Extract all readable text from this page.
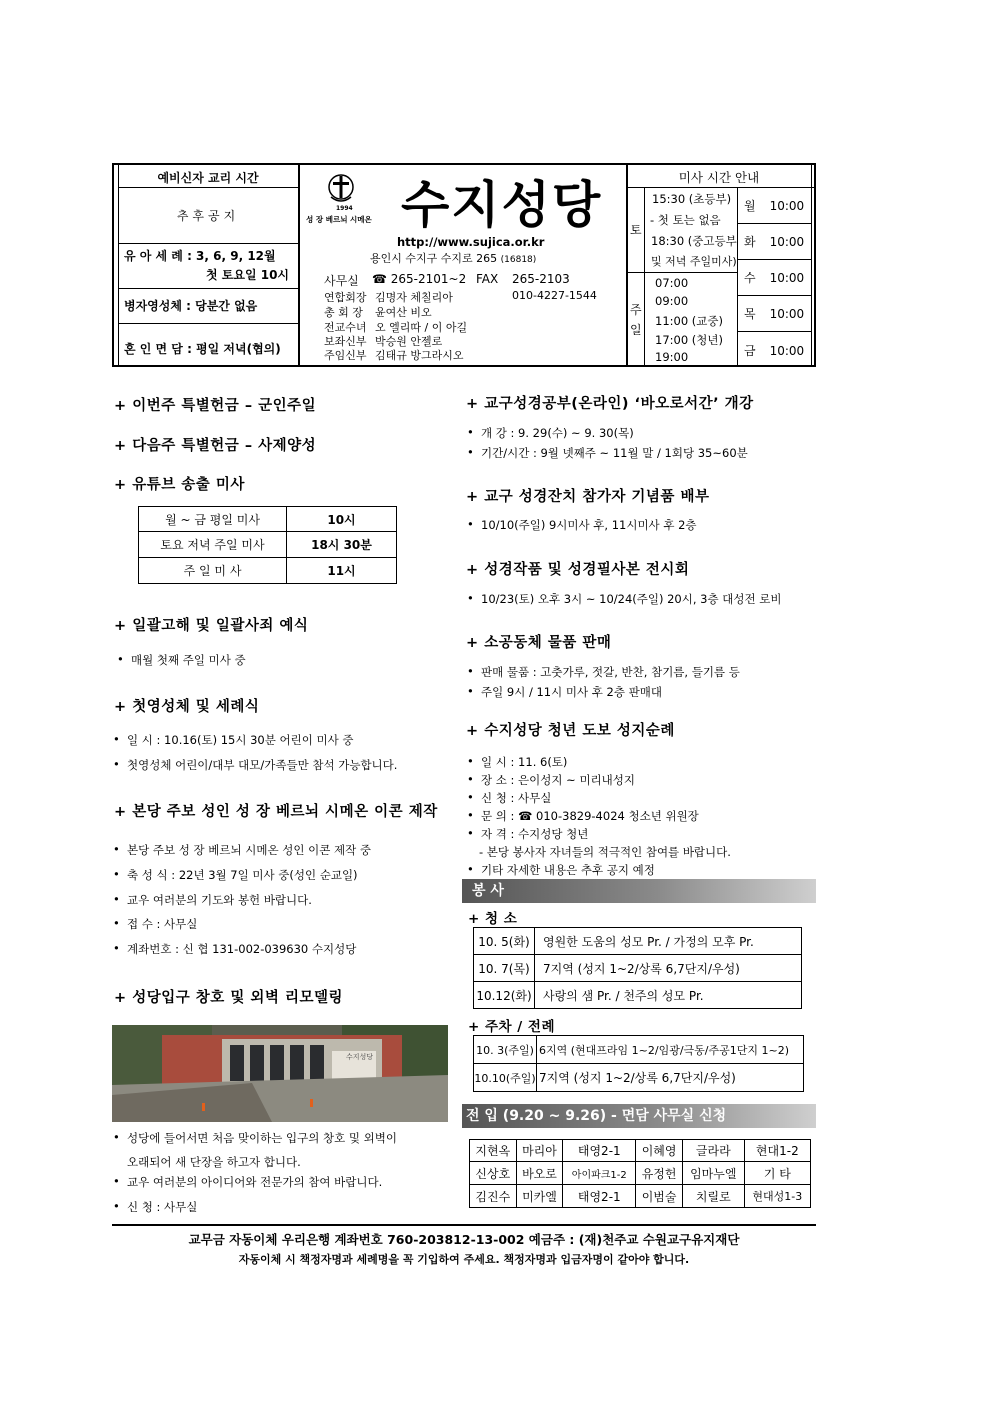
예비신자 교리 시간
추후공지
유 아 세 례 : 3, 6, 9, 12월
첫 토요일 10시
병자영성체 : 당분간 없음
혼 인 면 담 : 평일 저녁(협의)
1994
성 장 베르뇌 시메온 수지성당
http://www.sujica.or.kr
용인시 수지구 수지로 265 (16818)
사무실 ☎ 265-2101~2 FAX 265-2103
연합회장 김명자 체칠리아	010-4227-1544
총 회 장 윤여산 비오
전교수녀 오 엘리따 / 이 아길
보좌신부 박승원 안젤로
주임신부 김태규 방그라시오
미사 시간 안내
토
15:30 (초등부)
- 첫 토는 없음
18:30 (중고등부
및 저녁 주일미사)
주 일
07:00
09:00
11:00 (교중)
17:00 (청년)
19:00
월 10:00
화 10:00
수 10:00
목 10:00
금 10:00
+ 이번주 특별헌금 – 군인주일
+ 다음주 특별헌금 – 사제양성
+ 유튜브 송출 미사
월 ~ 금 평일 미사	10시
토요 저녁 주일 미사	18시 30분
주 일 미 사	11시
+ 일괄고해 및 일괄사죄 예식
• 매월 첫째 주일 미사 중
+ 첫영성체 및 세례식
• 일 시 : 10.16(토) 15시 30분 어린이 미사 중
• 첫영성체 어린이/대부 대모/가족들만 참석 가능합니다.
+ 본당 주보 성인 성 장 베르뇌 시메온 이콘 제작
• 본당 주보 성 장 베르뇌 시메온 성인 이콘 제작 중
• 축 성 식 : 22년 3월 7일 미사 중(성인 순교일)
• 교우 여러분의 기도와 봉헌 바랍니다.
• 접 수 : 사무실
• 계좌번호 : 신 협 131-002-039630 수지성당
+ 성당입구 창호 및 외벽 리모델링
수지성당
• 성당에 들어서면 처음 맞이하는 입구의 창호 및 외벽이
오래되어 새 단장을 하고자 합니다.
• 교우 여러분의 아이디어와 전문가의 참여 바랍니다.
• 신 청 : 사무실
+ 교구성경공부(온라인) ‘바오로서간’ 개강
• 개 강 : 9. 29(수) ~ 9. 30(목)
• 기간/시간 : 9월 넷째주 ~ 11월 말 / 1회당 35~60분
+ 교구 성경잔치 참가자 기념품 배부
• 10/10(주일) 9시미사 후, 11시미사 후 2층
+ 성경작품 및 성경필사본 전시회
• 10/23(토) 오후 3시 ~ 10/24(주일) 20시, 3층 대성전 로비
+ 소공동체 물품 판매
• 판매 물품 : 고춧가루, 젓갈, 반찬, 참기름, 들기름 등
• 주일 9시 / 11시 미사 후 2층 판매대
+ 수지성당 청년 도보 성지순례
• 일 시 : 11. 6(토)
• 장 소 : 은이성지 ~ 미리내성지
• 신 청 : 사무실
• 문 의 : ☎ 010-3829-4024 청소년 위원장
• 자 격 : 수지성당 청년
- 본당 봉사자 자녀들의 적극적인 참여를 바랍니다.
• 기타 자세한 내용은 추후 공지 예정
봉 사
+ 청 소
10. 5(화)	영원한 도움의 성모 Pr. / 가정의 모후 Pr.
10. 7(목)	7지역 (성지 1~2/상록 6,7단지/우성)
10.12(화)	사랑의 샘 Pr. / 천주의 성모 Pr.
+ 주차 / 전례
10. 3(주일)	6지역 (현대프라임 1~2/임광/극동/주공1단지 1~2)
10.10(주일)	7지역 (성지 1~2/상록 6,7단지/우성)
전 입 (9.20 ~ 9.26) - 면담 사무실 신청
지현옥	마리아	태영2-1	이혜영	글라라	현대1-2
신상호	바오로	아이파크1-2	유정헌	임마누엘	기 타
김진수	미카엘	태영2-1	이범술	치릴로	현대성1-3
교무금 자동이체 우리은행 계좌번호 760-203812-13-002 예금주 : (재)천주교 수원교구유지재단
자동이체 시 책정자명과 세례명을 꼭 기입하여 주세요. 책정자명과 입금자명이 같아야 합니다.
